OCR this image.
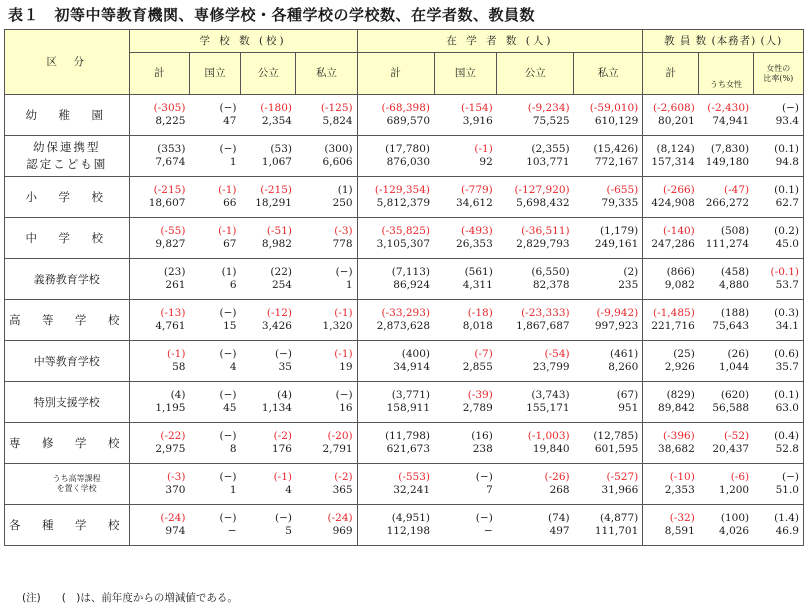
表１　初等中等教育機関、専修学校・各種学校の学校数、在学者数、教員数
区　分		学 校 数 (校)				在 学 者 数 (人)				教 員 数 (本務者) (人)		
		計	国立	公立	私立	計	国立	公立	私立	計	うち女性	女性の
比率(%)
幼　稚　園		(-305)	(−)	(-180)	(-125)	(-68,398)	(-154)	(-9,234)	(-59,010)	(-2,608)	(-2,430)	(−)
		8,225	47	2,354	5,824	689,570	3,916	75,525	610,129	80,201	74,941	93.4
幼保連携型
認定こども園		(353)	(−)	(53)	(300)	(17,780)	(-1)	(2,355)	(15,426)	(8,124)	(7,830)	(0.1)
		7,674	1	1,067	6,606	876,030	92	103,771	772,167	157,314	149,180	94.8
小　学　校		(-215)	(-1)	(-215)	(1)	(-129,354)	(-779)	(-127,920)	(-655)	(-266)	(-47)	(0.1)
		18,607	66	18,291	250	5,812,379	34,612	5,698,432	79,335	424,908	266,272	62.7
中　学　校		(-55)	(-1)	(-51)	(-3)	(-35,825)	(-493)	(-36,511)	(1,179)	(-140)	(508)	(0.2)
		9,827	67	8,982	778	3,105,307	26,353	2,829,793	249,161	247,286	111,274	45.0
義務教育学校		(23)	(1)	(22)	(−)	(7,113)	(561)	(6,550)	(2)	(866)	(458)	(-0.1)
		261	6	254	1	86,924	4,311	82,378	235	9,082	4,880	53.7
高　等　学　校		(-13)	(−)	(-12)	(-1)	(-33,293)	(-18)	(-23,333)	(-9,942)	(-1,485)	(188)	(0.3)
		4,761	15	3,426	1,320	2,873,628	8,018	1,867,687	997,923	221,716	75,643	34.1
中等教育学校		(-1)	(−)	(−)	(-1)	(400)	(-7)	(-54)	(461)	(25)	(26)	(0.6)
		58	4	35	19	34,914	2,855	23,799	8,260	2,926	1,044	35.7
特別支援学校		(4)	(−)	(4)	(−)	(3,771)	(-39)	(3,743)	(67)	(829)	(620)	(0.1)
		1,195	45	1,134	16	158,911	2,789	155,171	951	89,842	56,588	63.0
専　修　学　校		(-22)	(−)	(-2)	(-20)	(11,798)	(16)	(-1,003)	(12,785)	(-396)	(-52)	(0.4)
		2,975	8	176	2,791	621,673	238	19,840	601,595	38,682	20,437	52.8
	うち高等課程
を置く学校	(-3)	(−)	(-1)	(-2)	(-553)	(−)	(-26)	(-527)	(-10)	(-6)	(−)
		370	1	4	365	32,241	7	268	31,966	2,353	1,200	51.0
各　種　学　校		(-24)	(−)	(−)	(-24)	(4,951)	(−)	(74)	(4,877)	(-32)	(100)	(1.4)
		974	−	5	969	112,198	−	497	111,701	8,591	4,026	46.9
(注)　　(　)は、前年度からの増減値である。
